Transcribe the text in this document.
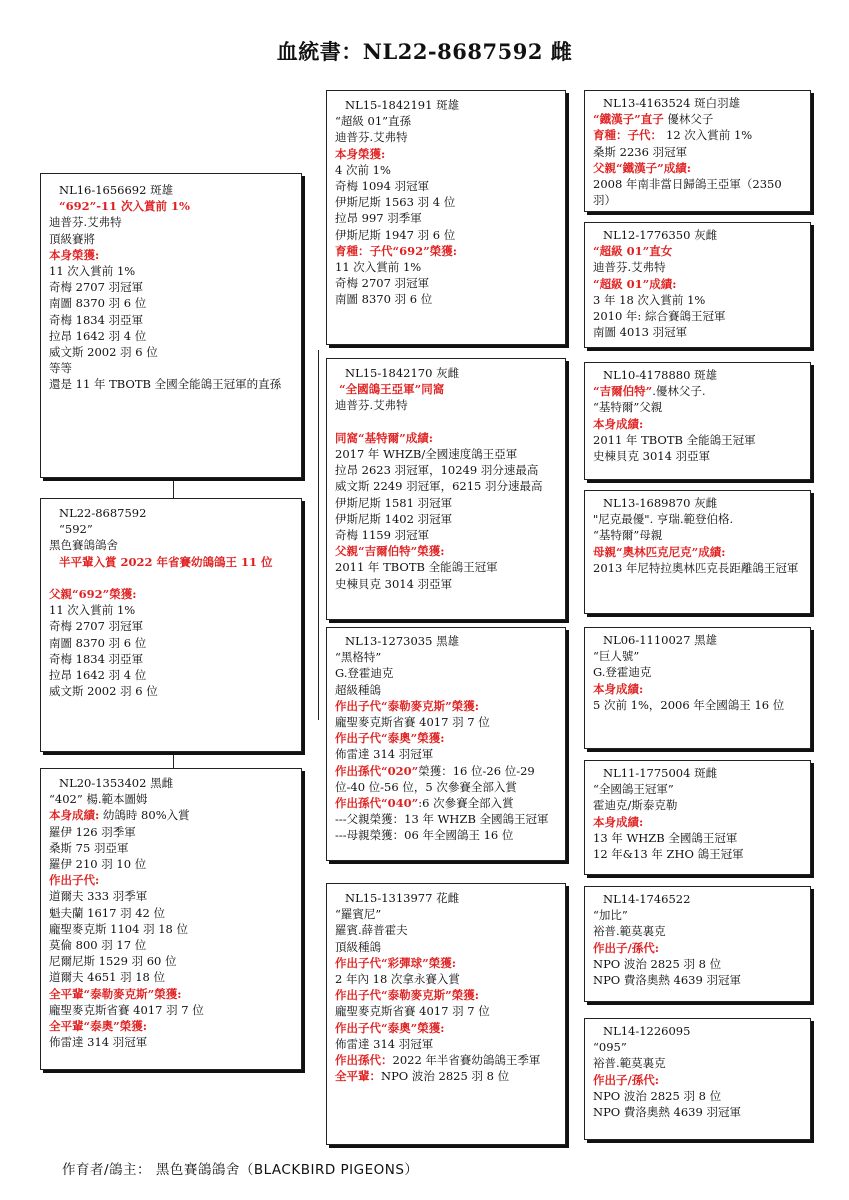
血統書：NL22-8687592 雌
NL16-1656692 斑雄
“692”-11 次入賞前 1%
迪普芬.艾弗特
頂級賽將
本身榮獲:
11 次入賞前 1%
奇梅 2707 羽冠軍
南圖 8370 羽 6 位
奇梅 1834 羽亞軍
拉昂 1642 羽 4 位
威文斯 2002 羽 6 位
等等
還是 11 年 TBOTB 全國全能鴿王冠軍的直孫
NL22-8687592
“592”
黑色賽鴿鴿舍
半平輩入賞 2022 年省賽幼鴿鴿王 11 位
父親“692”榮獲:
11 次入賞前 1%
奇梅 2707 羽冠軍
南圖 8370 羽 6 位
奇梅 1834 羽亞軍
拉昂 1642 羽 4 位
威文斯 2002 羽 6 位
NL20-1353402 黑雌
“402” 楊.範本圖姆
本身成績: 幼鴿時 80%入賞
羅伊 126 羽季軍
桑斯 75 羽亞軍
羅伊 210 羽 10 位
作出子代:
道爾夫 333 羽季軍
魁夫蘭 1617 羽 42 位
龐聖麥克斯 1104 羽 18 位
莫倫 800 羽 17 位
尼爾尼斯 1529 羽 60 位
道爾夫 4651 羽 18 位
全平輩“泰勒麥克斯”榮獲:
龐聖麥克斯省賽 4017 羽 7 位
全平輩“泰奧”榮獲:
佈雷達 314 羽冠軍
NL15-1842191 斑雄
“超級 01”直孫
迪普芬.艾弗特
本身榮獲:
4 次前 1%
奇梅 1094 羽冠軍
伊斯尼斯 1563 羽 4 位
拉昂 997 羽季軍
伊斯尼斯 1947 羽 6 位
育種：子代“692”榮獲:
11 次入賞前 1%
奇梅 2707 羽冠軍
南圖 8370 羽 6 位
NL15-1842170 灰雌
“全國鴿王亞軍”同窩
迪普芬.艾弗特
同窩“基特爾”成績:
2017 年 WHZB/全國速度鴿王亞軍
拉昂 2623 羽冠軍，10249 羽分速最高
威文斯 2249 羽冠軍，6215 羽分速最高
伊斯尼斯 1581 羽冠軍
伊斯尼斯 1402 羽冠軍
奇梅 1159 羽冠軍
父親“吉爾伯特”榮獲:
2011 年 TBOTB 全能鴿王冠軍
史棟貝克 3014 羽亞軍
NL13-1273035 黑雄
“黑格特”
G.登霍迪克
超級種鴿
作出子代“泰勒麥克斯”榮獲:
龐聖麥克斯省賽 4017 羽 7 位
作出子代“泰奧”榮獲:
佈雷達 314 羽冠軍
作出孫代“020”榮獲：16 位-26 位-29
位-40 位-56 位，5 次參賽全部入賞
作出孫代“040”:6 次參賽全部入賞
---父親榮獲：13 年 WHZB 全國鴿王冠軍
---母親榮獲：06 年全國鴿王 16 位
NL15-1313977 花雌
“羅賓尼”
羅賓.薛普霍夫
頂級種鴿
作出子代“彩彈球”榮獲:
2 年內 18 次拿永賽入賞
作出子代“泰勒麥克斯”榮獲:
龐聖麥克斯省賽 4017 羽 7 位
作出子代“泰奧”榮獲:
佈雷達 314 羽冠軍
作出孫代：2022 年半省賽幼鴿鴿王季軍
全平輩：NPO 波治 2825 羽 8 位
NL13-4163524 斑白羽雄
“鐵漢子”直子 優林父子
育種：子代： 12 次入賞前 1%
桑斯 2236 羽冠軍
父親“鐵漢子”成績:
2008 年南非當日歸鴿王亞軍（2350
羽）
NL12-1776350 灰雌
“超級 01”直女
迪普芬.艾弗特
“超級 01”成績:
3 年 18 次入賞前 1%
2010 年: 綜合賽鴿王冠軍
南圖 4013 羽冠軍
NL10-4178880 斑雄
“吉爾伯特”.優林父子.
“基特爾”父親
本身成績:
2011 年 TBOTB 全能鴿王冠軍
史棟貝克 3014 羽亞軍
NL13-1689870 灰雌
"尼克最優". 亨瑞.範登伯格.
“基特爾”母親
母親“奧林匹克尼克”成績:
2013 年尼特拉奧林匹克長距離鴿王冠軍
NL06-1110027 黑雄
“巨人號”
G.登霍迪克
本身成績:
5 次前 1%，2006 年全國鴿王 16 位
NL11-1775004 斑雌
“全國鴿王冠軍”
霍迪克/斯泰克勒
本身成績:
13 年 WHZB 全國鴿王冠軍
12 年&13 年 ZHO 鴿王冠軍
NL14-1746522
“加比”
裕普.範莫裏克
作出子/孫代:
NPO 波治 2825 羽 8 位
NPO 費洛奧熱 4639 羽冠軍
NL14-1226095
“095”
裕普.範莫裏克
作出子/孫代:
NPO 波治 2825 羽 8 位
NPO 費洛奧熱 4639 羽冠軍
作育者/鴿主： 黑色賽鴿鴿舍（BLACKBIRD PIGEONS）
